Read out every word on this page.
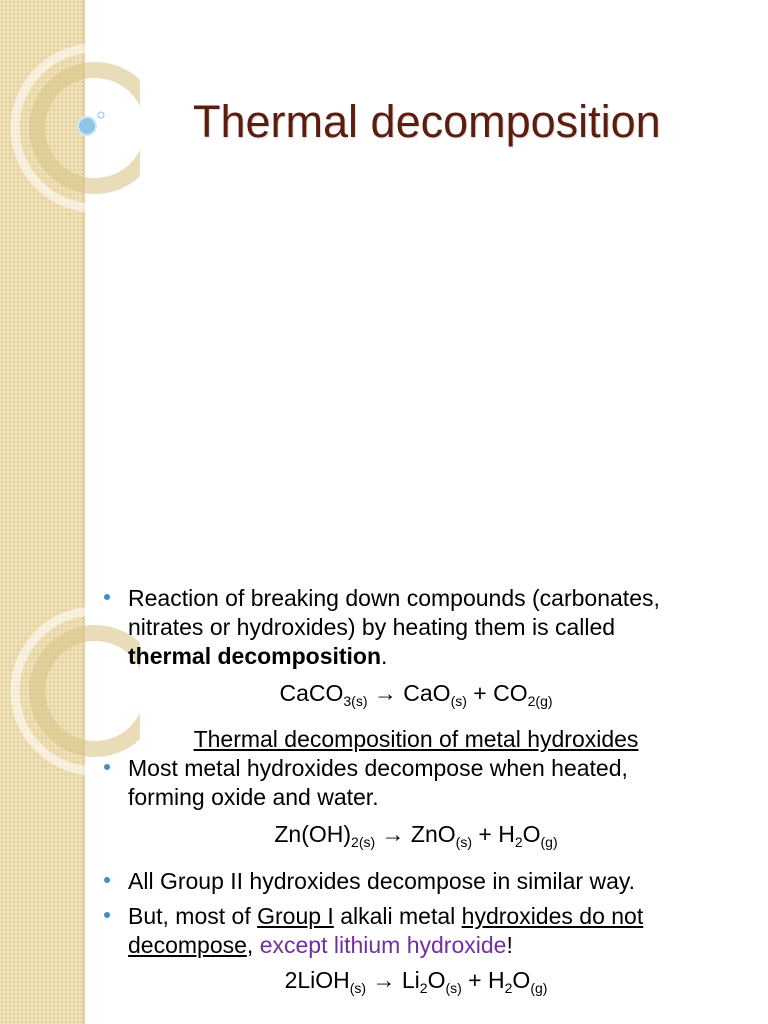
Thermal decomposition
Reaction of breaking down compounds (carbonates, nitrates or hydroxides) by heating them is called thermal decomposition.
CaCO$_{3(s)}$ → $CaO_{(s)} + CO_{2(g)}$
Thermal decomposition of metal hydroxides
Most metal hydroxides decompose when heated, forming oxide and water.
$Zn(OH)_{2(s)} \to ZnO_{(s)} + H_2O_{(g)}$
All Group II hydroxides decompose in similar way.
But, most of Group I alkali metal hydroxides do not decompose, except lithium hydroxide!
2LiOH$_{(s)}$ → $Li_2O_{(s)} + H_2O_{(g)}$
